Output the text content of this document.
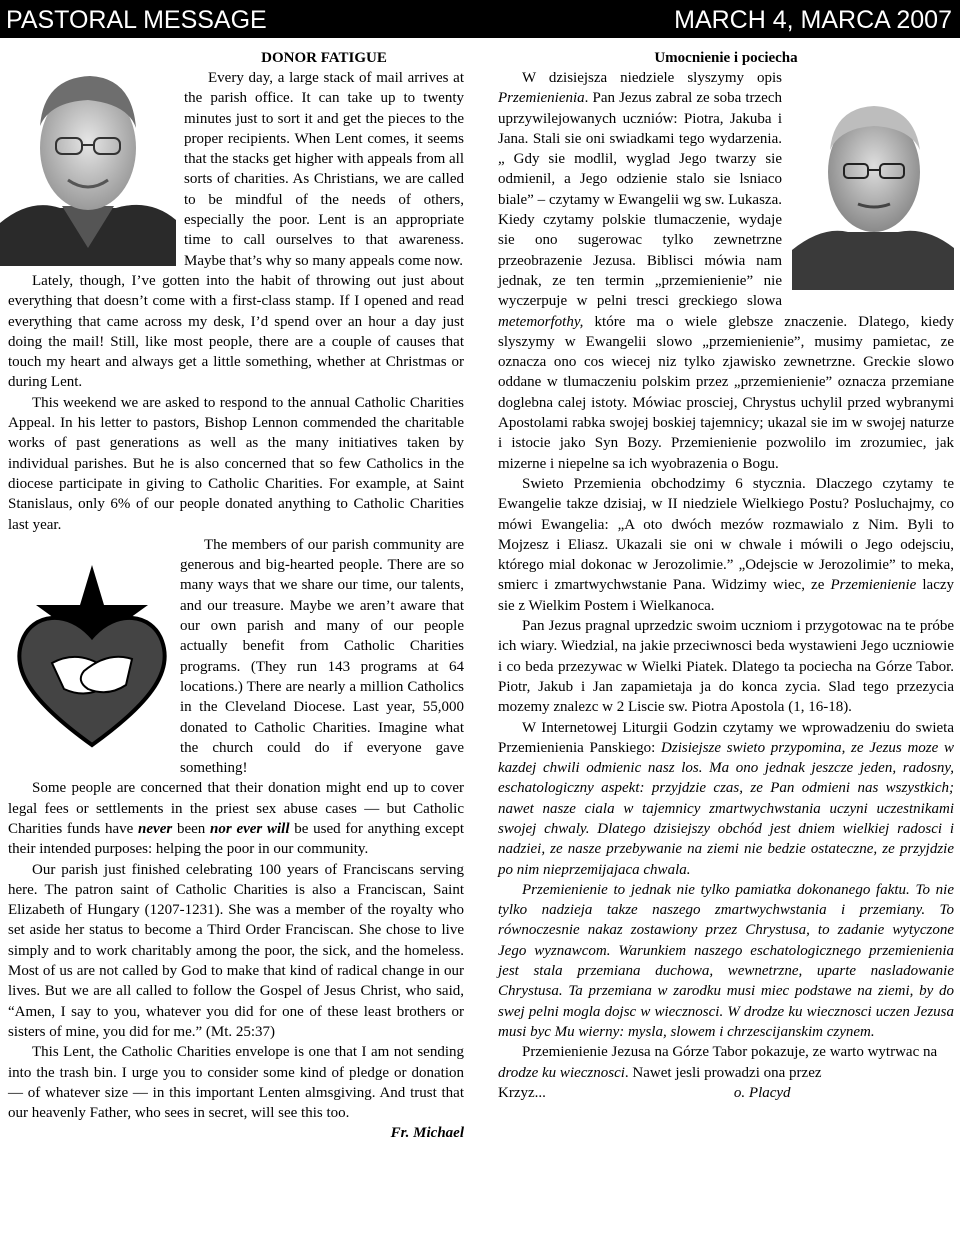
PASTORAL MESSAGE	MARCH 4, MARCA 2007
DONOR FATIGUE

Every day, a large stack of mail arrives at the parish office. It can take up to twenty minutes just to sort it and get the pieces to the proper recipients. When Lent comes, it seems that the stacks get higher with appeals from all sorts of charities. As Christians, we are called to be mindful of the needs of others, especially the poor. Lent is an appropriate time to call ourselves to that awareness. Maybe that’s why so many appeals come now.

Lately, though, I’ve gotten into the habit of throwing out just about everything that doesn’t come with a first-class stamp. If I opened and read everything that came across my desk, I’d spend over an hour a day just doing the mail! Still, like most people, there are a couple of causes that touch my heart and always get a little something, whether at Christmas or during Lent.

This weekend we are asked to respond to the annual Catholic Charities Appeal. In his letter to pastors, Bishop Lennon commended the charitable works of past generations as well as the many initiatives taken by individual parishes. But he is also concerned that so few Catholics in the diocese participate in giving to Catholic Charities. For example, at Saint Stanislaus, only 6% of our people donated anything to Catholic Charities last year.

The members of our parish community are generous and big-hearted people. There are so many ways that we share our time, our talents, and our treasure. Maybe we aren’t aware that our own parish and many of our people actually benefit from Catholic Charities programs. (They run 143 programs at 64 locations.) There are nearly a million Catholics in the Cleveland Diocese. Last year, 55,000 donated to Catholic Charities. Imagine what the church could do if everyone gave something!

Some people are concerned that their donation might end up to cover legal fees or settlements in the priest sex abuse cases — but Catholic Charities funds have never been nor ever will be used for anything except their intended purposes: helping the poor in our community.

Our parish just finished celebrating 100 years of Franciscans serving here. The patron saint of Catholic Charities is also a Franciscan, Saint Elizabeth of Hungary (1207-1231). She was a member of the royalty who set aside her status to become a Third Order Franciscan. She chose to live simply and to work charitably among the poor, the sick, and the homeless. Most of us are not called by God to make that kind of radical change in our lives. But we are all called to follow the Gospel of Jesus Christ, who said, “Amen, I say to you, whatever you did for one of these least brothers or sisters of mine, you did for me.” (Mt. 25:37)

This Lent, the Catholic Charities envelope is one that I am not sending into the trash bin. I urge you to consider some kind of pledge or donation — of whatever size — in this important Lenten almsgiving. And trust that our heavenly Father, who sees in secret, will see this too.

Fr. Michael
Umocnienie i pociecha

W dzisiejsza niedziele slyszymy opis Przemienienia. Pan Jezus zabral ze soba trzech uprzywilejowanych uczniów: Piotra, Jakuba i Jana. Stali sie oni swiadkami tego wydarzenia. „ Gdy sie modlil, wyglad Jego twarzy sie odmienil, a Jego odzienie stalo sie lsniaco biale” – czytamy w Ewangelii wg sw. Lukasza. Kiedy czytamy polskie tlumaczenie, wydaje sie ono sugerowac tylko zewnetrzne przeobrazenie Jezusa. Biblisci mówia nam jednak, ze ten termin „przemienienie” nie wyczerpuje w pelni tresci greckiego slowa metemorfothy, które ma o wiele glebsze znaczenie. Dlatego, kiedy slyszymy w Ewangelii slowo „przemienienie”, musimy pamietac, ze oznacza ono cos wiecej niz tylko zjawisko zewnetrzne. Greckie slowo oddane w tlumaczeniu polskim przez „przemienienie” oznacza przemiane doglebna calej istoty. Mówiac prosciej, Chrystus uchylil przed wybranymi Apostolami rabka swojej boskiej tajemnicy; ukazal sie im w swojej naturze i istocie jako Syn Bozy. Przemienienie pozwolilo im zrozumiec, jak mizerne i niepelne sa ich wyobrazenia o Bogu.

Swieto Przemienia obchodzimy 6 stycznia. Dlaczego czytamy te Ewangelie takze dzisiaj, w II niedziele Wielkiego Postu? Posluchajmy, co mówi Ewangelia: „A oto dwóch mezów rozmawialo z Nim. Byli to Mojzesz i Eliasz. Ukazali sie oni w chwale i mówili o Jego odejsciu, którego mial dokonac w Jerozolimie.” „Odejscie w Jerozolimie” to meka, smierc i zmartwychwstanie Pana. Widzimy wiec, ze Przemienienie laczy sie z Wielkim Postem i Wielkanoca.

Pan Jezus pragnal uprzedzic swoim uczniom i przygotowac na te próbe ich wiary. Wiedzial, na jakie przeciwnosci beda wystawieni Jego uczniowie i co beda przezywac w Wielki Piatek. Dlatego ta pociecha na Górze Tabor. Piotr, Jakub i Jan zapamietaja ja do konca zycia. Slad tego przezycia mozemy znalezc w 2 Liscie sw. Piotra Apostola (1, 16-18).

W Internetowej Liturgii Godzin czytamy we wprowadzeniu do swieta Przemienienia Panskiego: Dzisiejsze swieto przypomina, ze Jezus moze w kazdej chwili odmienic nasz los. Ma ono jednak jeszcze jeden, radosny, eschatologiczny aspekt: przyjdzie czas, ze Pan odmieni nas wszystkich; nawet nasze ciala w tajemnicy zmartwychwstania uczyni uczestnikami swojej chwaly. Dlatego dzisiejszy obchód jest dniem wielkiej radosci i nadziei, ze nasze przebywanie na ziemi nie bedzie ostateczne, ze przyjdzie po nim nieprzemijajaca chwala.

Przemienienie to jednak nie tylko pamiatka dokonanego faktu. To nie tylko nadzieja takze naszego zmartwychwstania i przemiany. To równoczesnie nakaz zostawiony przez Chrystusa, to zadanie wytyczone Jego wyznawcom. Warunkiem naszego eschatologicznego przemienienia jest stala przemiana duchowa, wewnetrzne, uparte nasladowanie Chrystusa. Ta przemiana w zarodku musi miec podstawe na ziemi, by do swej pelni mogla dojsc w wiecznosci. W drodze ku wiecznosci uczen Jezusa musi byc Mu wierny: mysla, slowem i chrzescijanskim czynem.

Przemienienie Jezusa na Górze Tabor pokazuje, ze warto wytrwac na drodze ku wiecznosci. Nawet jesli prowadzi ona przez Krzyz...	o. Placyd
